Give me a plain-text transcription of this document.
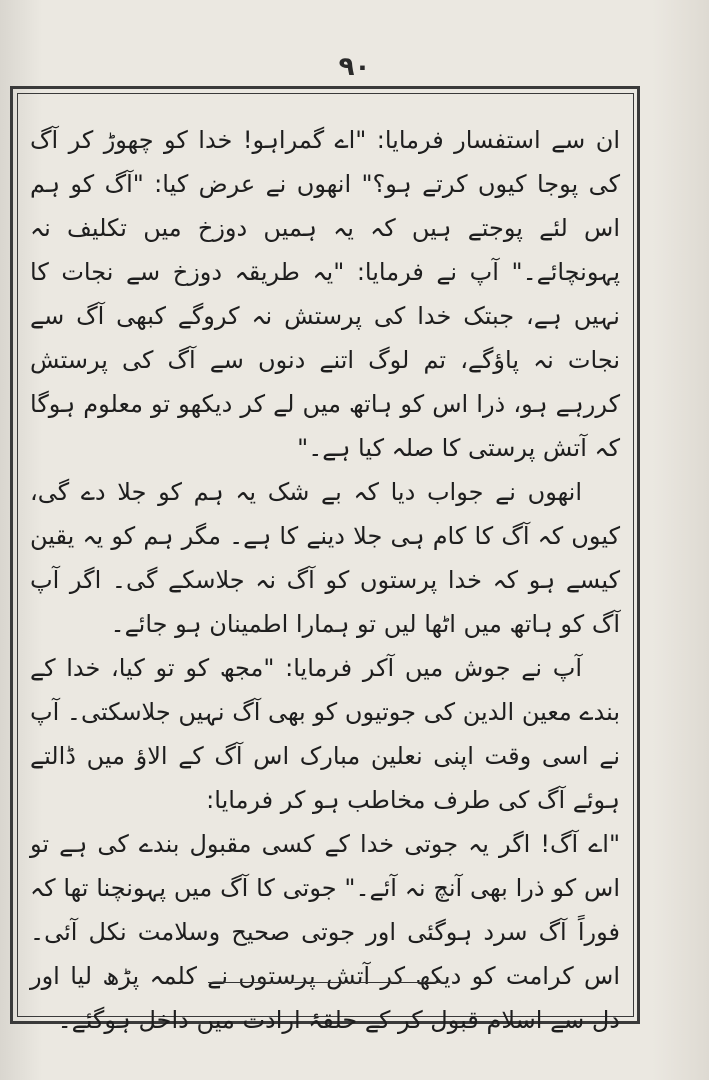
٩٠

ان سے استفسار فرمایا: "اے گمراہو! خدا کو چھوڑ کر آگ کی پوجا کیوں کرتے ہو؟" انھوں نے عرض کیا: "آگ کو ہم اس لئے پوجتے ہیں کہ یہ ہمیں دوزخ میں تکلیف نہ پہونچائے۔" آپ نے فرمایا: "یہ طریقہ دوزخ سے نجات کا نہیں ہے، جبتک خدا کی پرستش نہ کروگے کبھی آگ سے نجات نہ پاؤگے، تم لوگ اتنے دنوں سے آگ کی پرستش کررہے ہو، ذرا اس کو ہاتھ میں لے کر دیکھو تو معلوم ہوگا کہ آتش پرستی کا صلہ کیا ہے۔"

انھوں نے جواب دیا کہ بے شک یہ ہم کو جلا دے گی، کیوں کہ آگ کا کام ہی جلا دینے کا ہے۔ مگر ہم کو یہ یقین کیسے ہو کہ خدا پرستوں کو آگ نہ جلاسکے گی۔ اگر آپ آگ کو ہاتھ میں اٹھا لیں تو ہمارا اطمینان ہو جائے۔

آپ نے جوش میں آکر فرمایا: "مجھ کو تو کیا، خدا کے بندے معین الدین کی جوتیوں کو بھی آگ نہیں جلاسکتی۔ آپ نے اسی وقت اپنی نعلین مبارک اس آگ کے الاؤ میں ڈالتے ہوئے آگ کی طرف مخاطب ہو کر فرمایا:

"اے آگ! اگر یہ جوتی خدا کے کسی مقبول بندے کی ہے تو اس کو ذرا بھی آنچ نہ آئے۔" جوتی کا آگ میں پہونچنا تھا کہ فوراً آگ سرد ہوگئی اور جوتی صحیح وسلامت نکل آئی۔ اس کرامت کو دیکھ کر آتش پرستوں نے کلمہ پڑھ لیا اور دل سے اسلام قبول کر کے حلقۂ ارادت میں داخل ہوگئے۔
